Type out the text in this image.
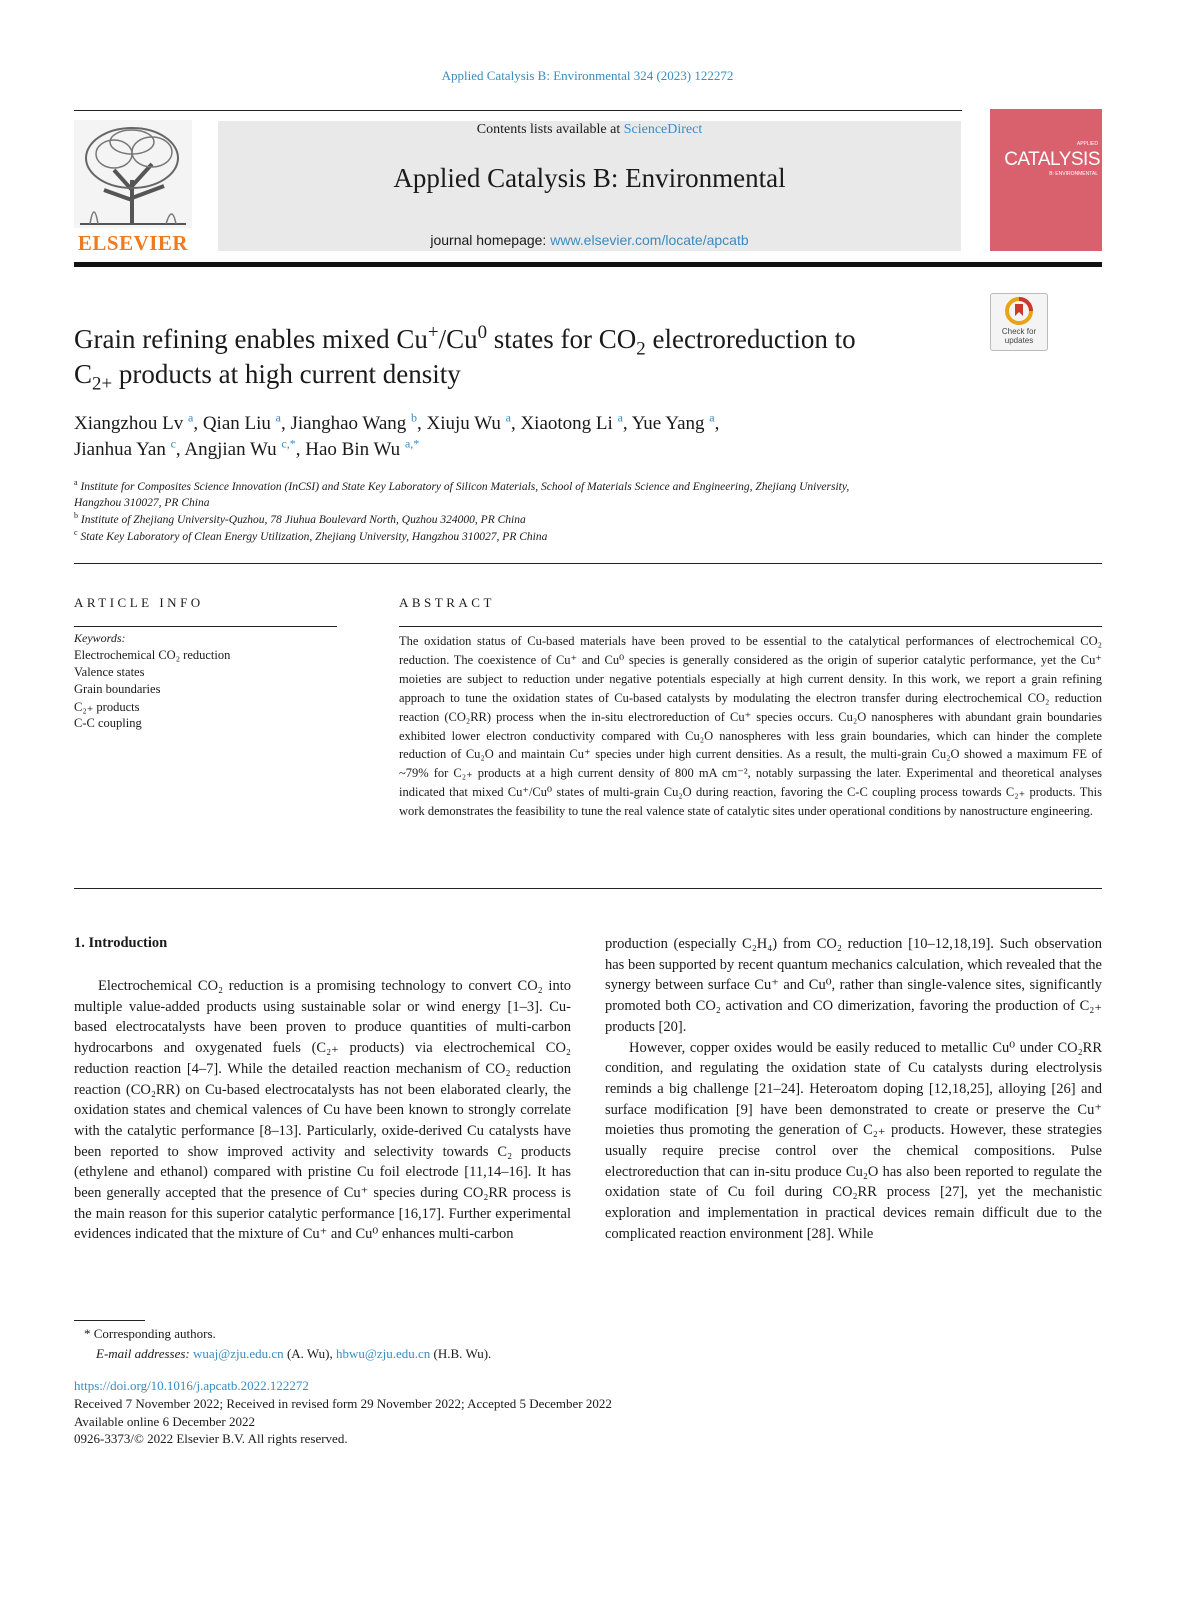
Applied Catalysis B: Environmental 324 (2023) 122272
ELSEVIER
Contents lists available at ScienceDirect
Applied Catalysis B: Environmental
journal homepage: www.elsevier.com/locate/apcatb
APPLIED
CATALYSIS
B: ENVIRONMENTAL
Check for updates
Grain refining enables mixed Cu+/Cu$^0$ states for $CO_2$ electroreduction to
$C_{2+}$ products at high current density
Xiangzhou Lv $^a$, Qian Liu $^a$, Jianghao Wang $^b$, Xiuju Wu $^a$, Xiaotong Li $^a$, Yue Yang $^a$,
Jianhua Yan $^c$, Angjian Wu $^{c,*}$, Hao Bin Wu $^{a,*}$
$^a$ Institute for Composites Science Innovation (InCSI) and State Key Laboratory of Silicon Materials, School of Materials Science and Engineering, Zhejiang University,
Hangzhou 310027, PR China
$^b$ Institute of Zhejiang University-Quzhou, 78 Jiuhua Boulevard North, Quzhou 324000, PR China
$^c$ State Key Laboratory of Clean Energy Utilization, Zhejiang University, Hangzhou 310027, PR China
ARTICLE INFO
Keywords:
Electrochemical CO₂ reduction
Valence states
Grain boundaries
C₂₊ products
C-C coupling
ABSTRACT
The oxidation status of Cu-based materials have been proved to be essential to the catalytical performances of electrochemical CO₂ reduction. The coexistence of Cu⁺ and Cu⁰ species is generally considered as the origin of superior catalytic performance, yet the Cu⁺ moieties are subject to reduction under negative potentials especially at high current density. In this work, we report a grain refining approach to tune the oxidation states of Cu-based catalysts by modulating the electron transfer during electrochemical CO₂ reduction reaction (CO₂RR) process when the in-situ electroreduction of Cu⁺ species occurs. Cu₂O nanospheres with abundant grain boundaries exhibited lower electron conductivity compared with Cu₂O nanospheres with less grain boundaries, which can hinder the complete reduction of Cu₂O and maintain Cu⁺ species under high current densities. As a result, the multi-grain Cu₂O showed a maximum FE of ~79% for C₂₊ products at a high current density of 800 mA cm⁻², notably surpassing the later. Experimental and theoretical analyses indicated that mixed Cu⁺/Cu⁰ states of multi-grain Cu₂O during reaction, favoring the C-C coupling process towards C₂₊ products. This work demonstrates the feasibility to tune the real valence state of catalytic sites under operational conditions by nanostructure engineering.
1. Introduction

Electrochemical CO₂ reduction is a promising technology to convert CO₂ into multiple value-added products using sustainable solar or wind energy [1–3]. Cu-based electrocatalysts have been proven to produce quantities of multi-carbon hydrocarbons and oxygenated fuels (C₂₊ products) via electrochemical CO₂ reduction reaction [4–7]. While the detailed reaction mechanism of CO₂ reduction reaction (CO₂RR) on Cu-based electrocatalysts has not been elaborated clearly, the oxidation states and chemical valences of Cu have been known to strongly correlate with the catalytic performance [8–13]. Particularly, oxide-derived Cu catalysts have been reported to show improved activity and selectivity towards C₂ products (ethylene and ethanol) compared with pristine Cu foil electrode [11,14–16]. It has been generally accepted that the presence of Cu⁺ species during CO₂RR process is the main reason for this superior catalytic performance [16,17]. Further experimental evidences indicated that the mixture of Cu⁺ and Cu⁰ enhances multi-carbon

production (especially C₂H₄) from CO₂ reduction [10–12,18,19]. Such observation has been supported by recent quantum mechanics calculation, which revealed that the synergy between surface Cu⁺ and Cu⁰, rather than single-valence sites, significantly promoted both CO₂ activation and CO dimerization, favoring the production of C₂₊ products [20].

However, copper oxides would be easily reduced to metallic Cu⁰ under CO₂RR condition, and regulating the oxidation state of Cu catalysts during electrolysis reminds a big challenge [21–24]. Heteroatom doping [12,18,25], alloying [26] and surface modification [9] have been demonstrated to create or preserve the Cu⁺ moieties thus promoting the generation of C₂₊ products. However, these strategies usually require precise control over the chemical compositions. Pulse electroreduction that can in-situ produce Cu₂O has also been reported to regulate the oxidation state of Cu foil during CO₂RR process [27], yet the mechanistic exploration and implementation in practical devices remain difficult due to the complicated reaction environment [28]. While

* Corresponding authors.
E-mail addresses: wuaj@zju.edu.cn (A. Wu), hbwu@zju.edu.cn (H.B. Wu).
https://doi.org/10.1016/j.apcatb.2022.122272
Received 7 November 2022; Received in revised form 29 November 2022; Accepted 5 December 2022
Available online 6 December 2022
0926-3373/© 2022 Elsevier B.V. All rights reserved.
